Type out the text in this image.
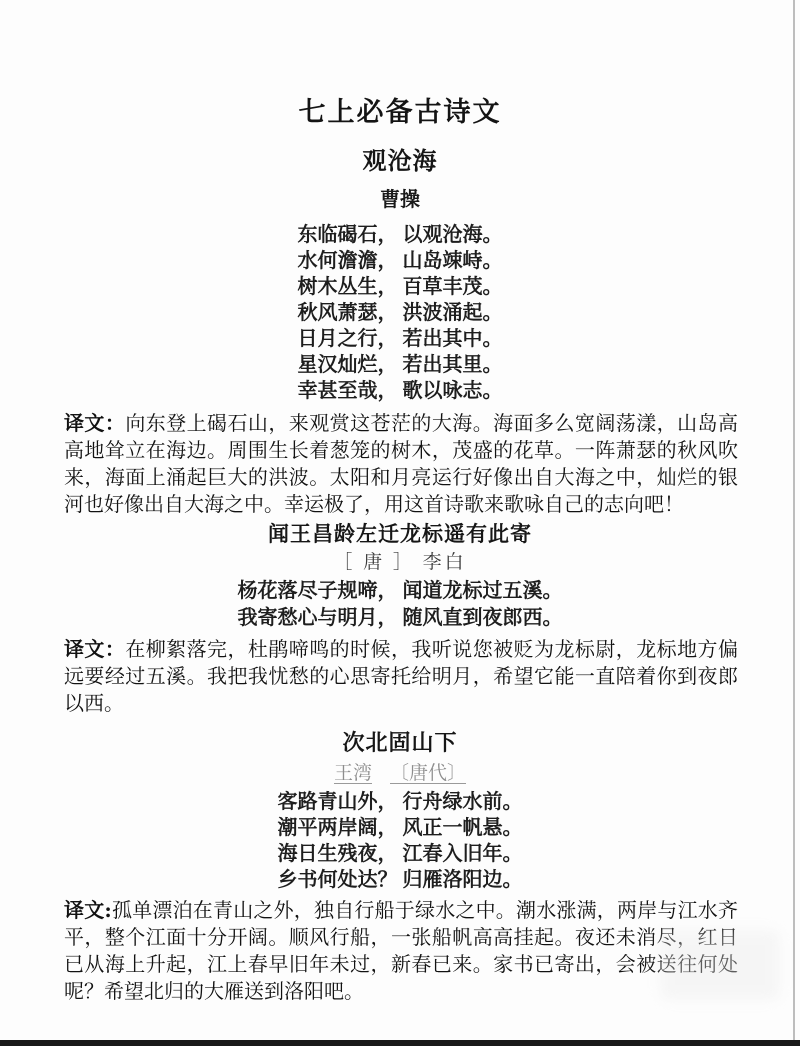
七上必备古诗文
观沧海
曹操
东临碣石， 以观沧海。
水何澹澹， 山岛竦峙。
树木丛生， 百草丰茂。
秋风萧瑟， 洪波涌起。
日月之行， 若出其中。
星汉灿烂， 若出其里。
幸甚至哉， 歌以咏志。

译文：向东登上碣石山，来观赏这苍茫的大海。海面多么宽阔荡漾，山岛高高地耸立在海边。周围生长着葱笼的树木，茂盛的花草。一阵萧瑟的秋风吹来，海面上涌起巨大的洪波。太阳和月亮运行好像出自大海之中，灿烂的银河也好像出自大海之中。幸运极了，用这首诗歌来歌咏自己的志向吧！

闻王昌龄左迁龙标遥有此寄
［ 唐 ］ 李白
杨花落尽子规啼， 闻道龙标过五溪。
我寄愁心与明月， 随风直到夜郎西。

译文：在柳絮落完，杜鹃啼鸣的时候，我听说您被贬为龙标尉，龙标地方偏远要经过五溪。我把我忧愁的心思寄托给明月，希望它能一直陪着你到夜郎以西。

次北固山下
王湾 〔唐代〕
客路青山外， 行舟绿水前。
潮平两岸阔， 风正一帆悬。
海日生残夜， 江春入旧年。
乡书何处达？ 归雁洛阳边。

译文:孤单漂泊在青山之外，独自行船于绿水之中。潮水涨满，两岸与江水齐平，整个江面十分开阔。顺风行船，一张船帆高高挂起。夜还未消尽，红日已从海上升起，江上春早旧年未过，新春已来。家书已寄出，会被送往何处呢？希望北归的大雁送到洛阳吧。
